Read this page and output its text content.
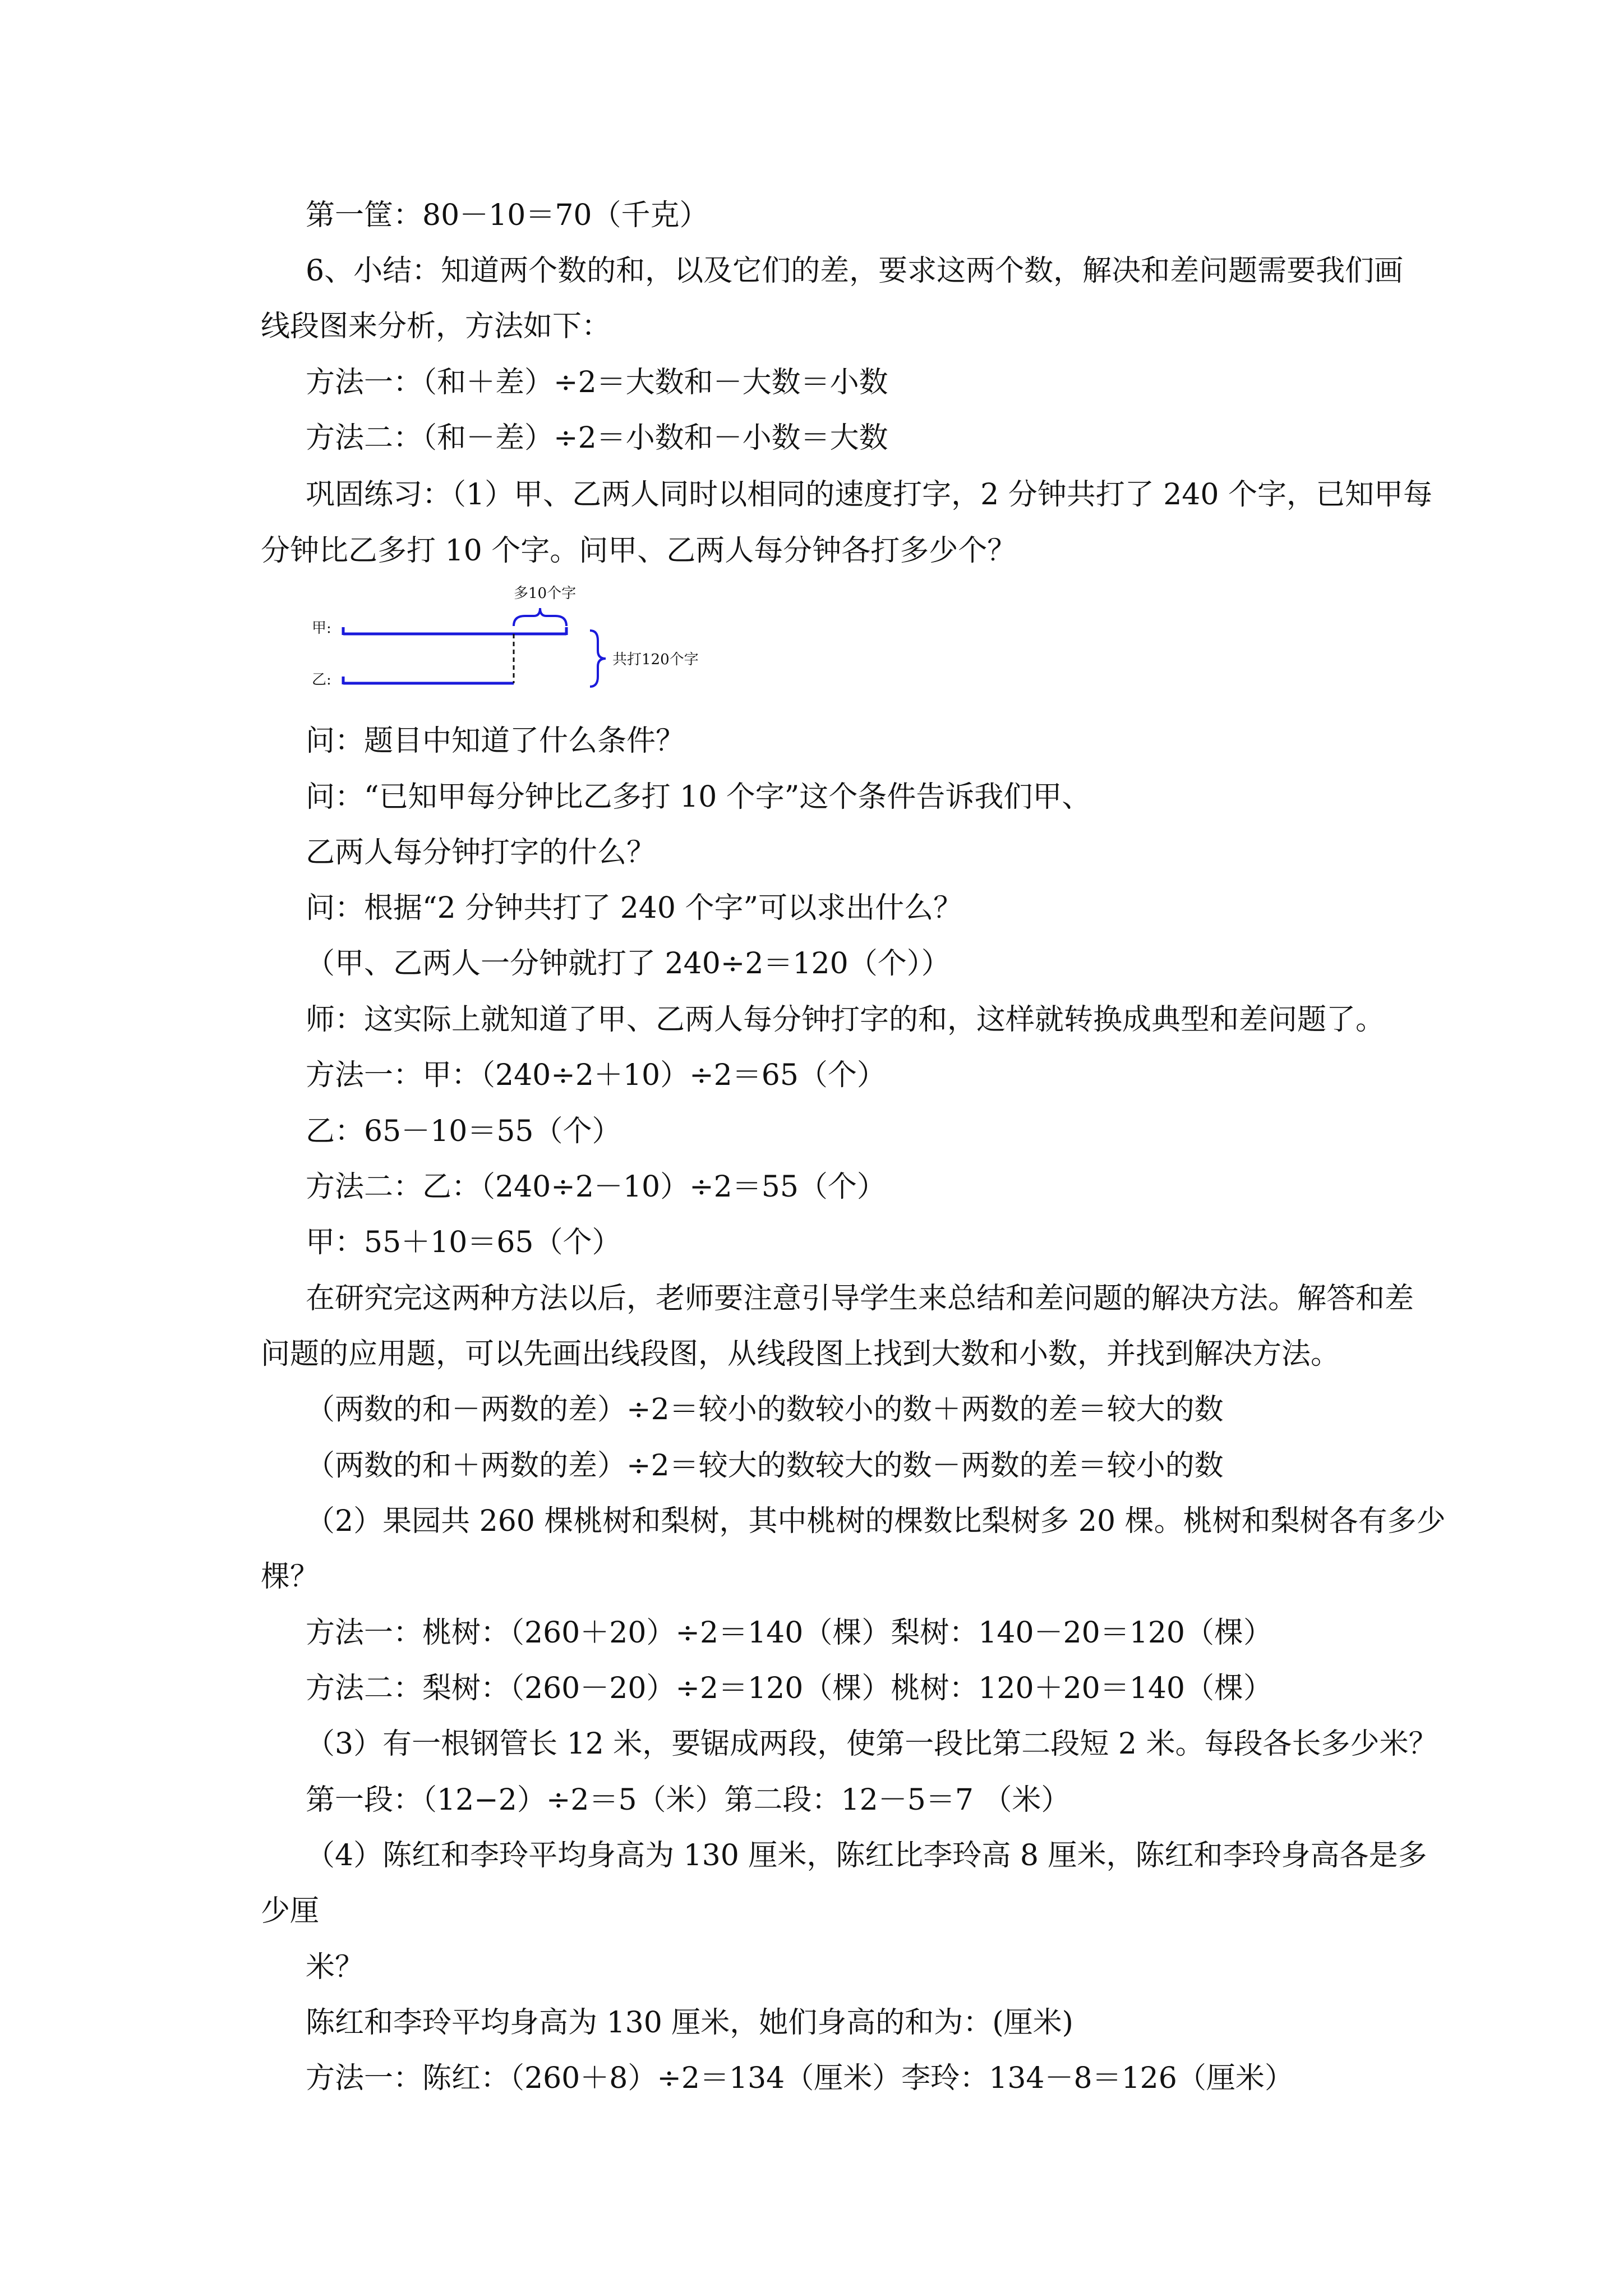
第一筐：80－10＝70（千克）
6、小结：知道两个数的和，以及它们的差，要求这两个数，解决和差问题需要我们画
线段图来分析，方法如下：
方法一：（和＋差）÷2＝大数和－大数＝小数
方法二：（和－差）÷2＝小数和－小数＝大数
巩固练习：（1）甲、乙两人同时以相同的速度打字，2 分钟共打了 240 个字，已知甲每
分钟比乙多打 10 个字。问甲、乙两人每分钟各打多少个？
甲:
乙:
多10个字
共打120个字
问：题目中知道了什么条件？
问：“已知甲每分钟比乙多打 10 个字”这个条件告诉我们甲、
乙两人每分钟打字的什么？
问：根据“2 分钟共打了 240 个字”可以求出什么？
（甲、乙两人一分钟就打了 240÷2＝120（个））
师：这实际上就知道了甲、乙两人每分钟打字的和，这样就转换成典型和差问题了。
方法一：甲：（240÷2＋10）÷2＝65（个）
乙：65－10＝55（个）
方法二：乙：（240÷2－10）÷2＝55（个）
甲：55＋10＝65（个）
在研究完这两种方法以后，老师要注意引导学生来总结和差问题的解决方法。解答和差
问题的应用题，可以先画出线段图，从线段图上找到大数和小数，并找到解决方法。
（两数的和－两数的差）÷2＝较小的数较小的数＋两数的差＝较大的数
（两数的和＋两数的差）÷2＝较大的数较大的数－两数的差＝较小的数
（2）果园共 260 棵桃树和梨树，其中桃树的棵数比梨树多 20 棵。桃树和梨树各有多少
棵？
方法一：桃树：（260＋20）÷2＝140（棵）梨树：140－20＝120（棵）
方法二：梨树：（260－20）÷2＝120（棵）桃树：120＋20＝140（棵）
（3）有一根钢管长 12 米，要锯成两段，使第一段比第二段短 2 米。每段各长多少米？
第一段：（12−2）÷2＝5（米）第二段：12－5＝7 （米）
（4）陈红和李玲平均身高为 130 厘米，陈红比李玲高 8 厘米，陈红和李玲身高各是多
少厘
米？
陈红和李玲平均身高为 130 厘米，她们身高的和为：(厘米)
方法一：陈红：（260＋8）÷2＝134（厘米）李玲：134－8＝126（厘米）
